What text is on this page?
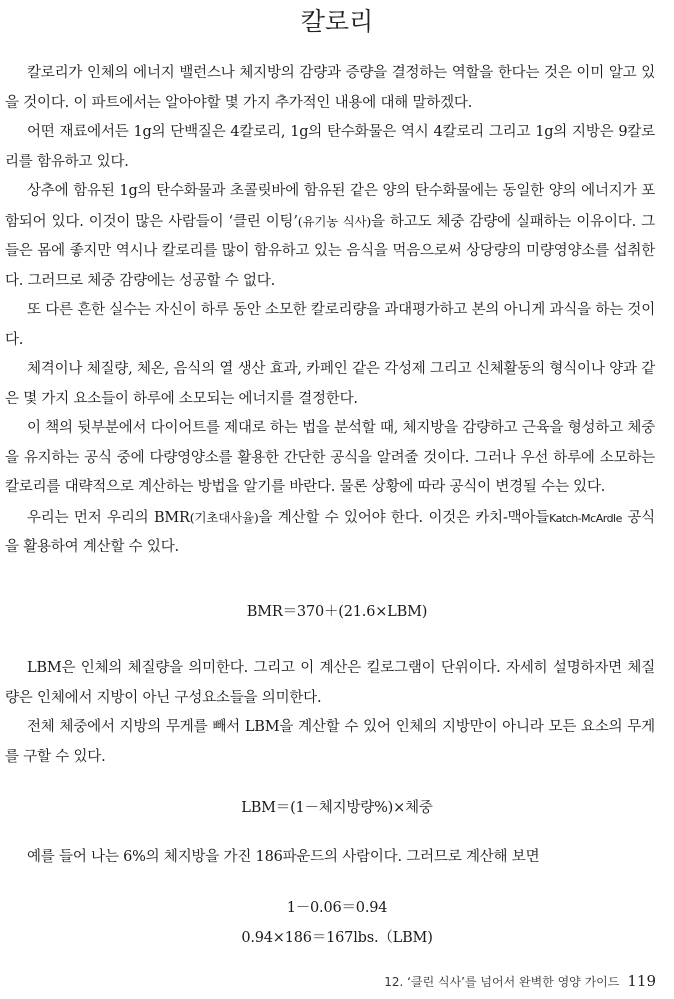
칼로리

칼로리가 인체의 에너지 밸런스나 체지방의 감량과 증량을 결정하는 역할을 한다는 것은 이미 알고 있을 것이다. 이 파트에서는 알아야할 몇 가지 추가적인 내용에 대해 말하겠다.

어떤 재료에서든 1g의 단백질은 4칼로리, 1g의 탄수화물은 역시 4칼로리 그리고 1g의 지방은 9칼로리를 함유하고 있다.

상추에 함유된 1g의 탄수화물과 초콜릿바에 함유된 같은 양의 탄수화물에는 동일한 양의 에너지가 포함되어 있다. 이것이 많은 사람들이 ‘클린 이팅’(유기농 식사)을 하고도 체중 감량에 실패하는 이유이다. 그들은 몸에 좋지만 역시나 칼로리를 많이 함유하고 있는 음식을 먹음으로써 상당량의 미량영양소를 섭취한다. 그러므로 체중 감량에는 성공할 수 없다.

또 다른 흔한 실수는 자신이 하루 동안 소모한 칼로리량을 과대평가하고 본의 아니게 과식을 하는 것이다.

체격이나 체질량, 체온, 음식의 열 생산 효과, 카페인 같은 각성제 그리고 신체활동의 형식이나 양과 같은 몇 가지 요소들이 하루에 소모되는 에너지를 결정한다.

이 책의 뒷부분에서 다이어트를 제대로 하는 법을 분석할 때, 체지방을 감량하고 근육을 형성하고 체중을 유지하는 공식 중에 다량영양소를 활용한 간단한 공식을 알려줄 것이다. 그러나 우선 하루에 소모하는 칼로리를 대략적으로 계산하는 방법을 알기를 바란다. 물론 상황에 따라 공식이 변경될 수는 있다.

우리는 먼저 우리의 BMR(기초대사율)을 계산할 수 있어야 한다. 이것은 카치-맥아들Katch-McArdle 공식을 활용하여 계산할 수 있다.

BMR＝370＋(21.6×LBM)

LBM은 인체의 체질량을 의미한다. 그리고 이 계산은 킬로그램이 단위이다. 자세히 설명하자면 체질량은 인체에서 지방이 아닌 구성요소들을 의미한다.

전체 체중에서 지방의 무게를 빼서 LBM을 계산할 수 있어 인체의 지방만이 아니라 모든 요소의 무게를 구할 수 있다.

LBM＝(1－체지방량%)×체중

예를 들어 나는 6%의 체지방을 가진 186파운드의 사람이다. 그러므로 계산해 보면

1－0.06＝0.94
0.94×186＝167lbs.（LBM)
12. ‘클린 식사’를 넘어서 완벽한 영양 가이드 119
